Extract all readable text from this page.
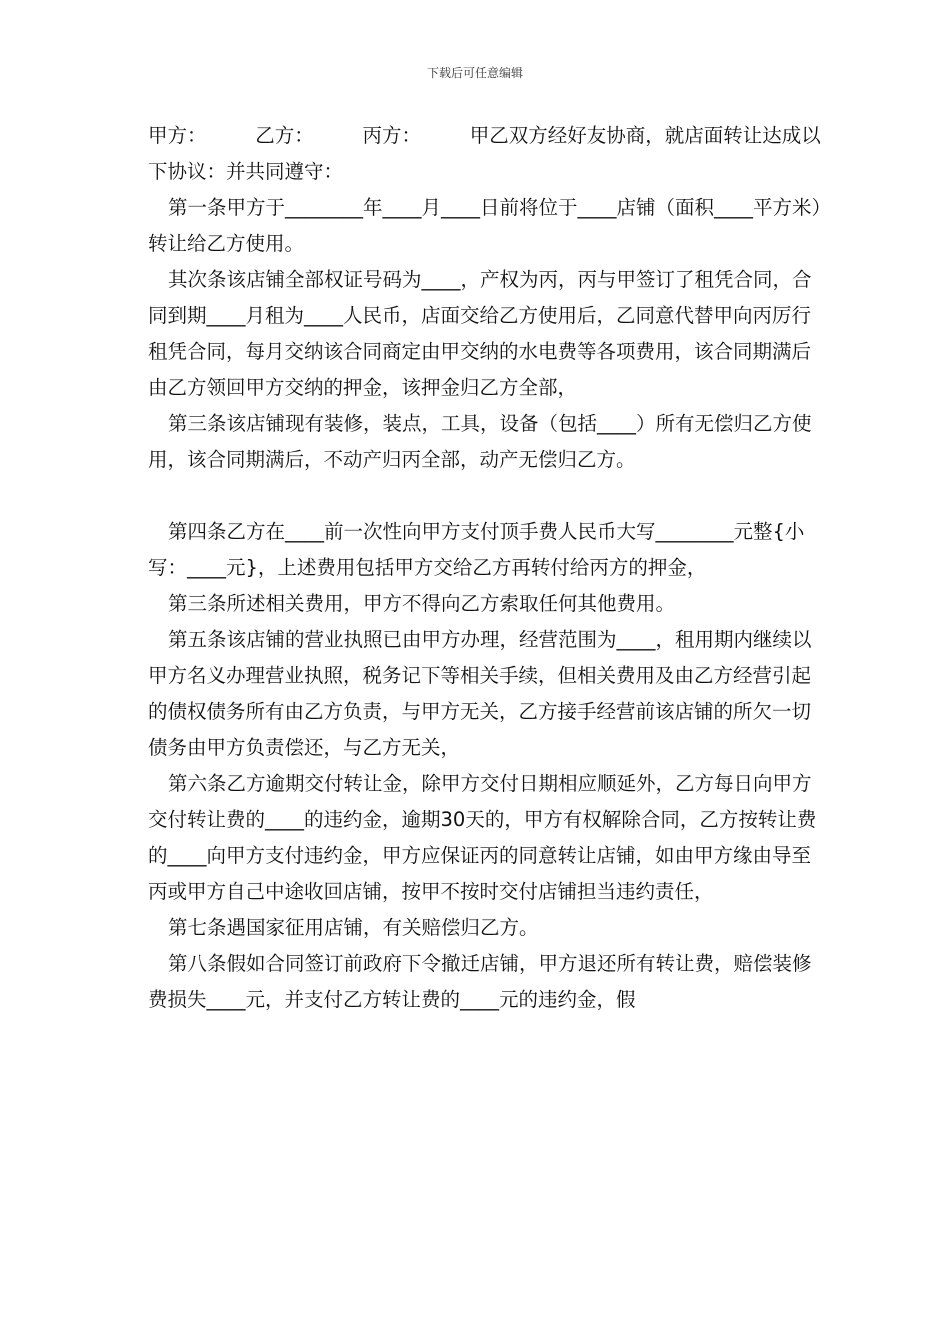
下载后可任意编辑

甲方：　　　乙方：　　　丙方：　　　甲乙双方经好友协商，就店面转让达成以下协议：并共同遵守：

第一条甲方于________年____月____日前将位于____店铺（面积____平方米）转让给乙方使用。

其次条该店铺全部权证号码为____，产权为丙，丙与甲签订了租凭合同，合同到期____月租为____人民币，店面交给乙方使用后，乙同意代替甲向丙厉行租凭合同，每月交纳该合同商定由甲交纳的水电费等各项费用，该合同期满后由乙方领回甲方交纳的押金，该押金归乙方全部，

第三条该店铺现有装修，装点，工具，设备（包括____）所有无偿归乙方使用，该合同期满后，不动产归丙全部，动产无偿归乙方。

第四条乙方在____前一次性向甲方支付顶手费人民币大写________元整{小写：____元}，上述费用包括甲方交给乙方再转付给丙方的押金，

第三条所述相关费用，甲方不得向乙方索取任何其他费用。

第五条该店铺的营业执照已由甲方办理，经营范围为____，租用期内继续以甲方名义办理营业执照，税务记下等相关手续，但相关费用及由乙方经营引起的债权债务所有由乙方负责，与甲方无关，乙方接手经营前该店铺的所欠一切债务由甲方负责偿还，与乙方无关，

第六条乙方逾期交付转让金，除甲方交付日期相应顺延外，乙方每日向甲方交付转让费的____的违约金，逾期30天的，甲方有权解除合同，乙方按转让费的____向甲方支付违约金，甲方应保证丙的同意转让店铺，如由甲方缘由导至丙或甲方自己中途收回店铺，按甲不按时交付店铺担当违约责任，

第七条遇国家征用店铺，有关赔偿归乙方。

第八条假如合同签订前政府下令撤迁店铺，甲方退还所有转让费，赔偿装修费损失____元，并支付乙方转让费的____元的违约金，假
